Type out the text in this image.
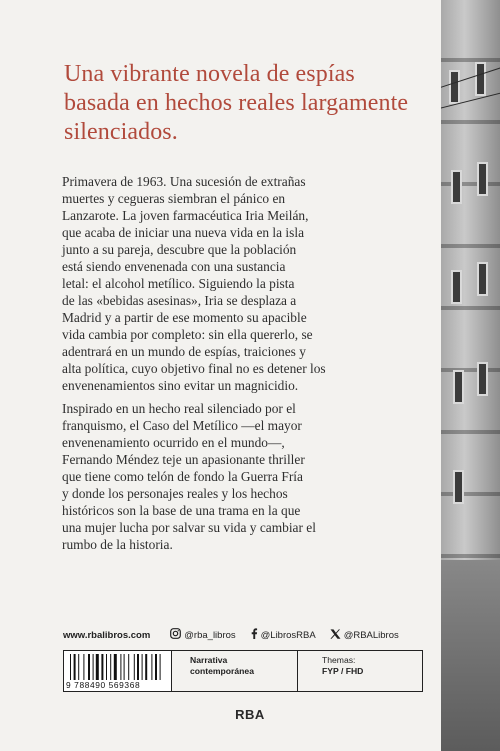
Una vibrante novela de espías basada en hechos reales largamente silenciados.

Primavera de 1963. Una sucesión de extrañas
muertes y cegueras siembran el pánico en
Lanzarote. La joven farmacéutica Iria Meilán,
que acaba de iniciar una nueva vida en la isla
junto a su pareja, descubre que la población
está siendo envenenada con una sustancia
letal: el alcohol metílico. Siguiendo la pista
de las «bebidas asesinas», Iria se desplaza a
Madrid y a partir de ese momento su apacible
vida cambia por completo: sin ella quererlo, se
adentrará en un mundo de espías, traiciones y
alta política, cuyo objetivo final no es detener los
envenenamientos sino evitar un magnicidio.

Inspirado en un hecho real silenciado por el
franquismo, el Caso del Metílico —el mayor
envenenamiento ocurrido en el mundo—,
Fernando Méndez teje un apasionante thriller
que tiene como telón de fondo la Guerra Fría
y donde los personajes reales y los hechos
históricos son la base de una trama en la que
una mujer lucha por salvar su vida y cambiar el
rumbo de la historia.

www.rbalibros.com	@rba_libros	@LibrosRBA	@RBALibros
9 788490 569368
Narrativa
contemporánea
Themas:
FYP / FHD
RBA
